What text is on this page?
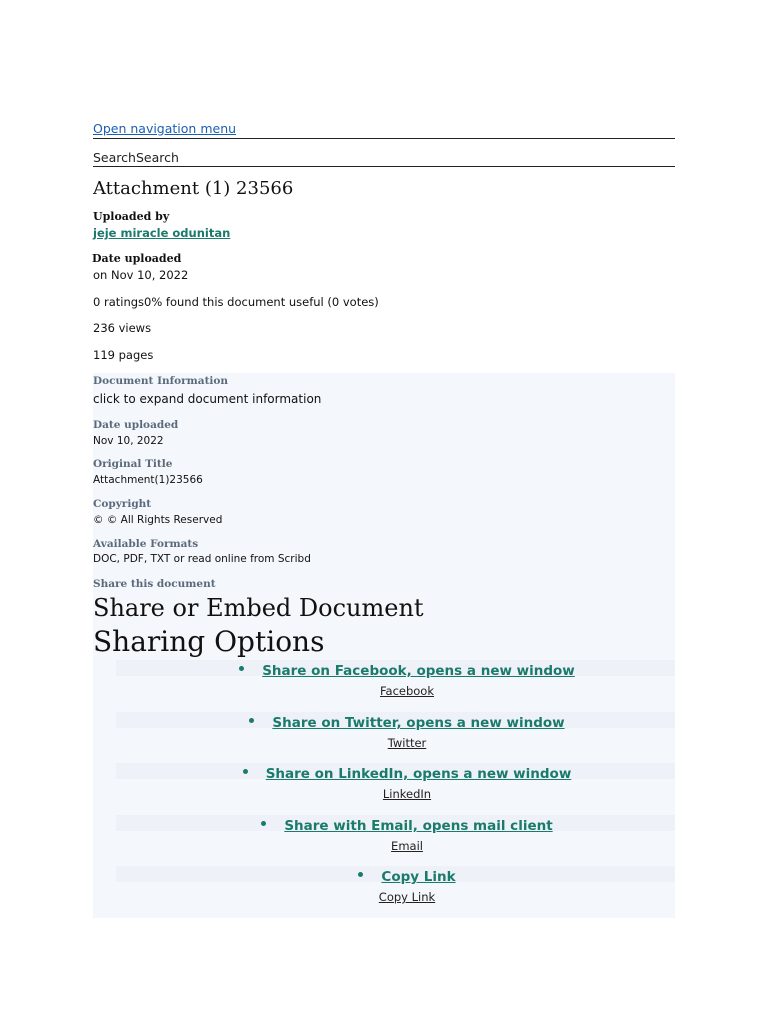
Open navigation menu
SearchSearch
Attachment (1) 23566
Uploaded by
jeje miracle odunitan
Date uploaded
on Nov 10, 2022
0 ratings0% found this document useful (0 votes)
236 views
119 pages
Document Information
click to expand document information
Date uploaded
Nov 10, 2022
Original Title
Attachment(1)23566
Copyright
© © All Rights Reserved
Available Formats
DOC, PDF, TXT or read online from Scribd
Share this document
Share or Embed Document
Sharing Options
Share on Facebook, opens a new window
Facebook
Share on Twitter, opens a new window
Twitter
Share on LinkedIn, opens a new window
LinkedIn
Share with Email, opens mail client
Email
Copy Link
Copy Link
